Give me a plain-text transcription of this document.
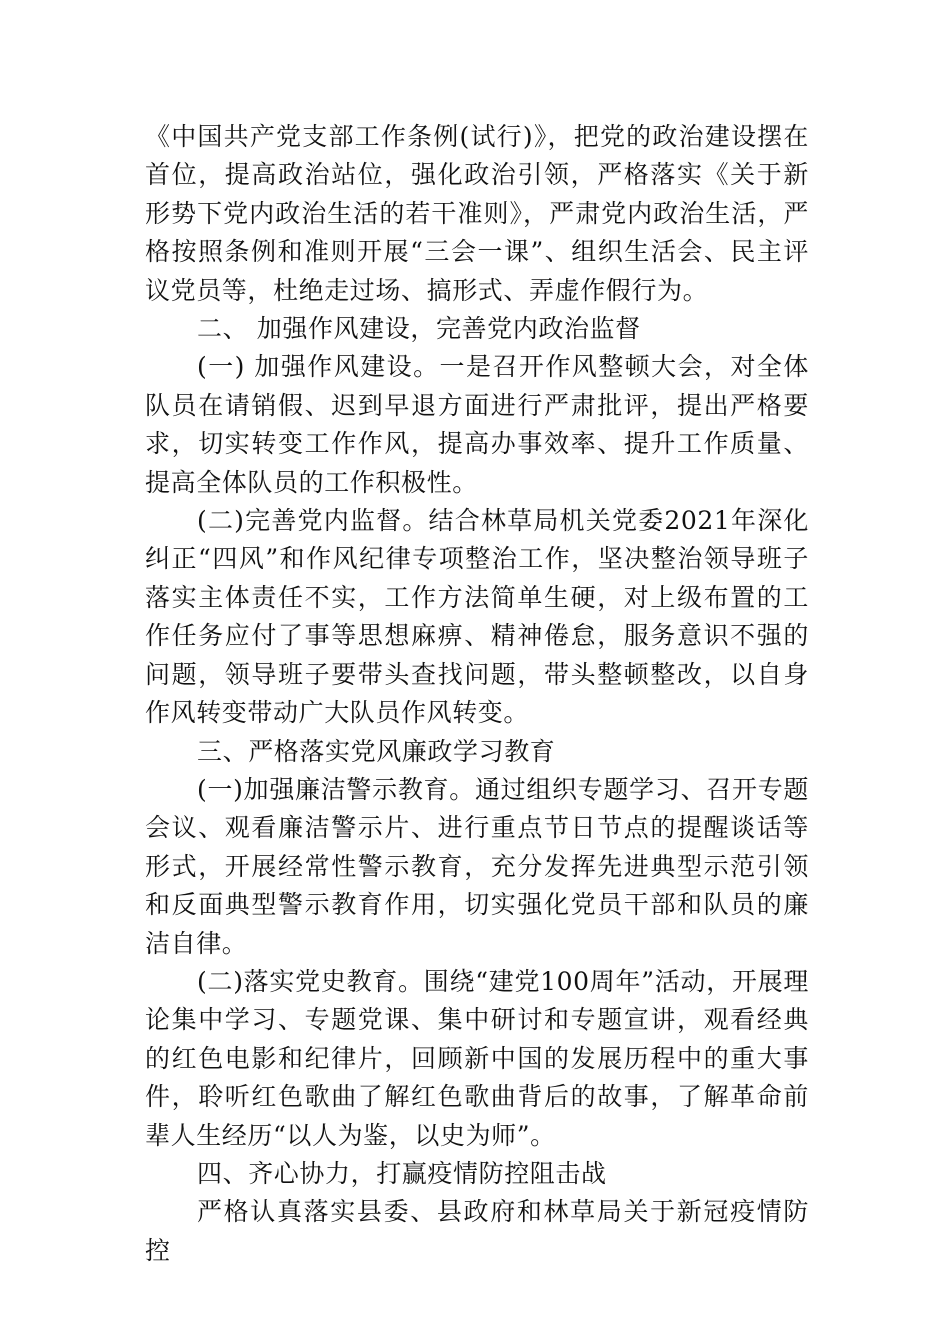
《中国共产党支部工作条例(试行)》，把党的政治建设摆在首位，提高政治站位，强化政治引领，严格落实《关于新形势下党内政治生活的若干准则》，严肃党内政治生活，严格按照条例和准则开展“三会一课”、组织生活会、民主评议党员等，杜绝走过场、搞形式、弄虚作假行为。

二、 加强作风建设，完善党内政治监督

(一) 加强作风建设。一是召开作风整顿大会，对全体队员在请销假、迟到早退方面进行严肃批评，提出严格要求，切实转变工作作风，提高办事效率、提升工作质量、提高全体队员的工作积极性。

(二)完善党内监督。结合林草局机关党委2021年深化纠正“四风”和作风纪律专项整治工作，坚决整治领导班子落实主体责任不实，工作方法简单生硬，对上级布置的工作任务应付了事等思想麻痹、精神倦怠，服务意识不强的问题，领导班子要带头查找问题，带头整顿整改，以自身作风转变带动广大队员作风转变。

三、严格落实党风廉政学习教育

(一)加强廉洁警示教育。通过组织专题学习、召开专题会议、观看廉洁警示片、进行重点节日节点的提醒谈话等形式，开展经常性警示教育，充分发挥先进典型示范引领和反面典型警示教育作用，切实强化党员干部和队员的廉洁自律。

(二)落实党史教育。围绕“建党100周年”活动，开展理论集中学习、专题党课、集中研讨和专题宣讲，观看经典的红色电影和纪律片，回顾新中国的发展历程中的重大事件，聆听红色歌曲了解红色歌曲背后的故事，了解革命前辈人生经历“以人为鉴，以史为师”。

四、齐心协力，打赢疫情防控阻击战

严格认真落实县委、县政府和林草局关于新冠疫情防控
